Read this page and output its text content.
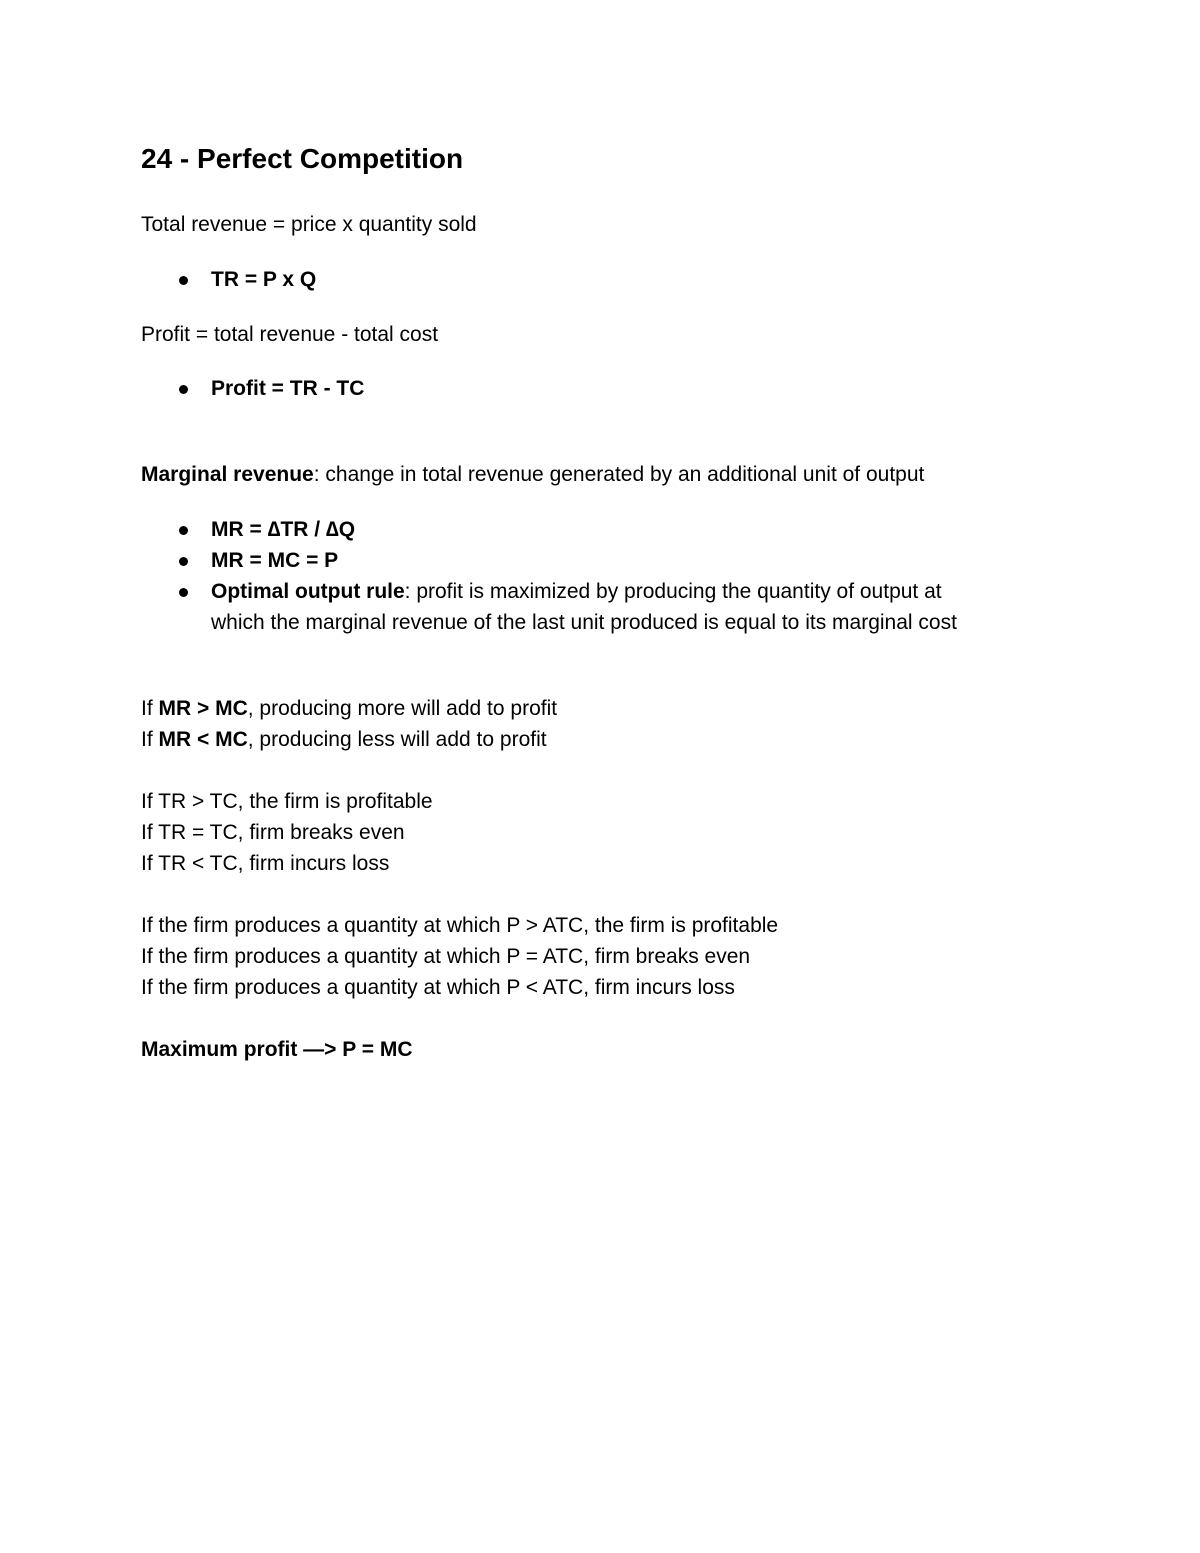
24 - Perfect Competition
Total revenue = price x quantity sold
TR = P x Q
Profit = total revenue - total cost
Profit = TR - TC
Marginal revenue: change in total revenue generated by an additional unit of output
MR = ∆TR / ∆Q
MR = MC = P
Optimal output rule: profit is maximized by producing the quantity of output at
which the marginal revenue of the last unit produced is equal to its marginal cost
If MR > MC, producing more will add to profit
If MR < MC, producing less will add to profit
If TR > TC, the firm is profitable
If TR = TC, firm breaks even
If TR < TC, firm incurs loss
If the firm produces a quantity at which P > ATC, the firm is profitable
If the firm produces a quantity at which P = ATC, firm breaks even
If the firm produces a quantity at which P < ATC, firm incurs loss
Maximum profit —> P = MC
